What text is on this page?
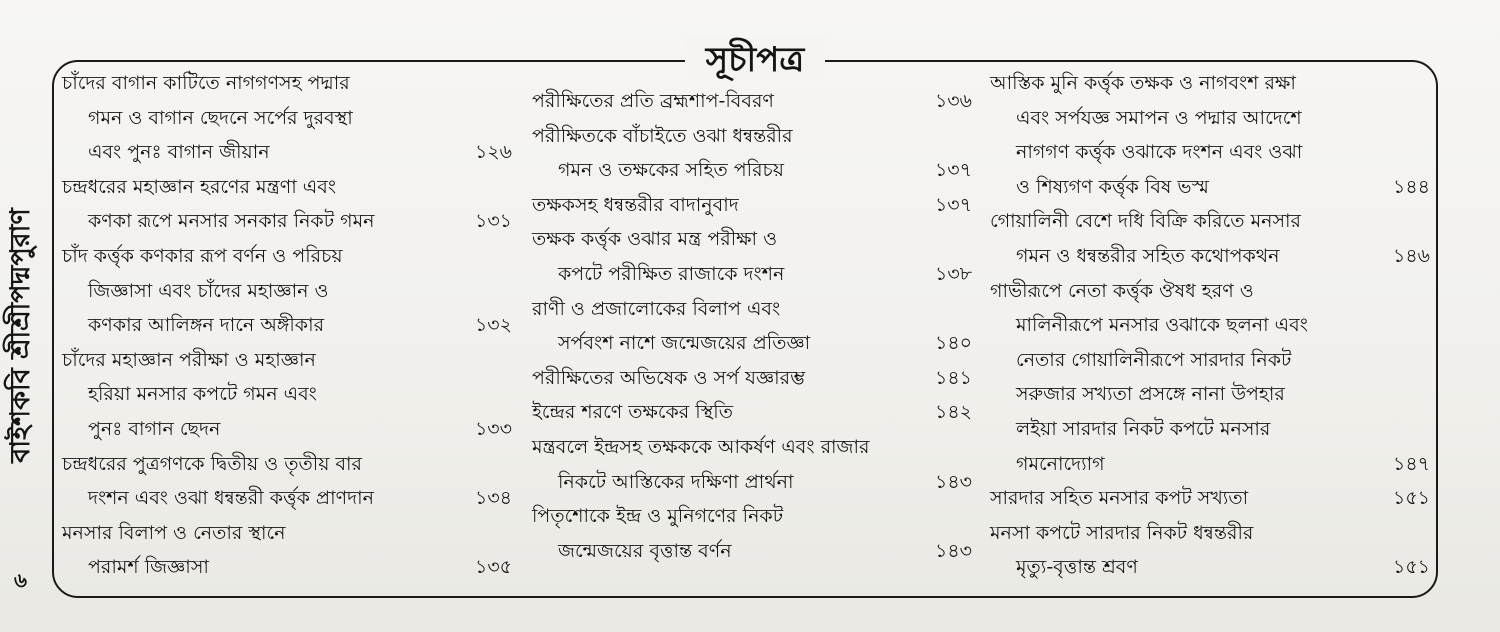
বাইশকবি শ্রীশ্রীপদ্মপুরাণ
৬
সূচীপত্র
চাঁদের বাগান কাটিতে নাগগণসহ পদ্মার
গমন ও বাগান ছেদনে সর্পের দুরবস্থা
এবং পুনঃ বাগান জীয়ান	১২৬
চন্দ্রধরের মহাজ্ঞান হরণের মন্ত্রণা এবং
কণকা রূপে মনসার সনকার নিকট গমন	১৩১
চাঁদ কর্ত্তৃক কণকার রূপ বর্ণন ও পরিচয়
জিজ্ঞাসা এবং চাঁদের মহাজ্ঞান ও
কণকার আলিঙ্গন দানে অঙ্গীকার	১৩২
চাঁদের মহাজ্ঞান পরীক্ষা ও মহাজ্ঞান
হরিয়া মনসার কপটে গমন এবং
পুনঃ বাগান ছেদন	১৩৩
চন্দ্রধরের পুত্রগণকে দ্বিতীয় ও তৃতীয় বার
দংশন এবং ওঝা ধন্বন্তরী কর্ত্তৃক প্রাণদান	১৩৪
মনসার বিলাপ ও নেতার স্থানে
পরামর্শ জিজ্ঞাসা	১৩৫
পরীক্ষিতের প্রতি ব্রহ্মশাপ-বিবরণ	১৩৬
পরীক্ষিতকে বাঁচাইতে ওঝা ধন্বন্তরীর
গমন ও তক্ষকের সহিত পরিচয়	১৩৭
তক্ষকসহ ধন্বন্তরীর বাদানুবাদ	১৩৭
তক্ষক কর্ত্তৃক ওঝার মন্ত্র পরীক্ষা ও
কপটে পরীক্ষিত রাজাকে দংশন	১৩৮
রাণী ও প্রজালোকের বিলাপ এবং
সর্পবংশ নাশে জন্মেজয়ের প্রতিজ্ঞা	১৪০
পরীক্ষিতের অভিষেক ও সর্প যজ্ঞারম্ভ	১৪১
ইন্দ্রের শরণে তক্ষকের স্থিতি	১৪২
মন্ত্রবলে ইন্দ্রসহ তক্ষককে আকর্ষণ এবং রাজার
নিকটে আস্তিকের দক্ষিণা প্রার্থনা	১৪৩
পিতৃশোকে ইন্দ্র ও মুনিগণের নিকট
জন্মেজয়ের বৃত্তান্ত বর্ণন	১৪৩
আস্তিক মুনি কর্ত্তৃক তক্ষক ও নাগবংশ রক্ষা
এবং সর্পযজ্ঞ সমাপন ও পদ্মার আদেশে
নাগগণ কর্ত্তৃক ওঝাকে দংশন এবং ওঝা
ও শিষ্যগণ কর্ত্তৃক বিষ ভস্ম	১৪৪
গোয়ালিনী বেশে দধি বিক্রি করিতে মনসার
গমন ও ধন্বন্তরীর সহিত কথোপকথন	১৪৬
গাভীরূপে নেতা কর্ত্তৃক ঔষধ হরণ ও
মালিনীরূপে মনসার ওঝাকে ছলনা এবং
নেতার গোয়ালিনীরূপে সারদার নিকট
সরুজার সখ্যতা প্রসঙ্গে নানা উপহার
লইয়া সারদার নিকট কপটে মনসার
গমনোদ্যোগ	১৪৭
সারদার সহিত মনসার কপট সখ্যতা	১৫১
মনসা কপটে সারদার নিকট ধন্বন্তরীর
মৃত্যু-বৃত্তান্ত শ্রবণ	১৫১
